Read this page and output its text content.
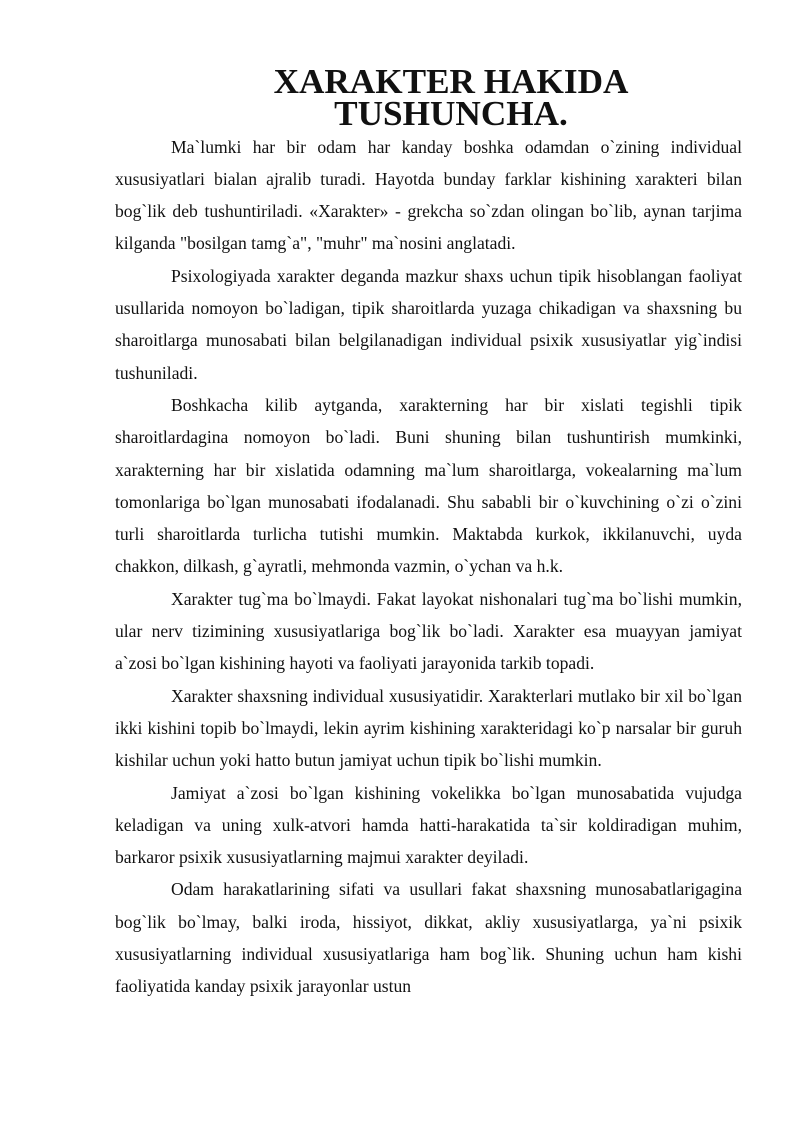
XARAKTER HAKIDA TUSHUNCHA.

Ma`lumki har bir odam har kanday boshka odamdan o`zining individual xususiyatlari bialan ajralib turadi. Hayotda bunday farklar kishining xarakteri bilan bog`lik deb tushuntiriladi. «Xarakter» - grekcha so`zdan olingan bo`lib, aynan tarjima kilganda "bosilgan tamg`a", "muhr" ma`nosini anglatadi.

Psixologiyada xarakter deganda mazkur shaxs uchun tipik hisoblangan faoliyat usullarida nomoyon bo`ladigan, tipik sharoitlarda yuzaga chikadigan va shaxsning bu sharoitlarga munosabati bilan belgilanadigan individual psixik xususiyatlar yig`indisi tushuniladi.

Boshkacha kilib aytganda, xarakterning har bir xislati tegishli tipik sharoitlardagina nomoyon bo`ladi. Buni shuning bilan tushuntirish mumkinki, xarakterning har bir xislatida odamning ma`lum sharoitlarga, vokealarning ma`lum tomonlariga bo`lgan munosabati ifodalanadi. Shu sababli bir o`kuvchining o`zi o`zini turli sharoitlarda turlicha tutishi mumkin. Maktabda kurkok, ikkilanuvchi, uyda chakkon, dilkash, g`ayratli, mehmonda vazmin, o`ychan va h.k.

Xarakter tug`ma bo`lmaydi. Fakat layokat nishonalari tug`ma bo`lishi mumkin, ular nerv tizimining xususiyatlariga bog`lik bo`ladi. Xarakter esa muayyan jamiyat a`zosi bo`lgan kishining hayoti va faoliyati jarayonida tarkib topadi.

Xarakter shaxsning individual xususiyatidir. Xarakterlari mutlako bir xil bo`lgan ikki kishini topib bo`lmaydi, lekin ayrim kishining xarakteridagi ko`p narsalar bir guruh kishilar uchun yoki hatto butun jamiyat uchun tipik bo`lishi mumkin.

Jamiyat a`zosi bo`lgan kishining vokelikka bo`lgan munosabatida vujudga keladigan va uning xulk-atvori hamda hatti-harakatida ta`sir koldiradigan muhim, barkaror psixik xususiyatlarning majmui xarakter deyiladi.

Odam harakatlarining sifati va usullari fakat shaxsning munosabatlarigagina bog`lik bo`lmay, balki iroda, hissiyot, dikkat, akliy xususiyatlarga, ya`ni psixik xususiyatlarning individual xususiyatlariga ham bog`lik. Shuning uchun ham kishi faoliyatida kanday psixik jarayonlar ustun
